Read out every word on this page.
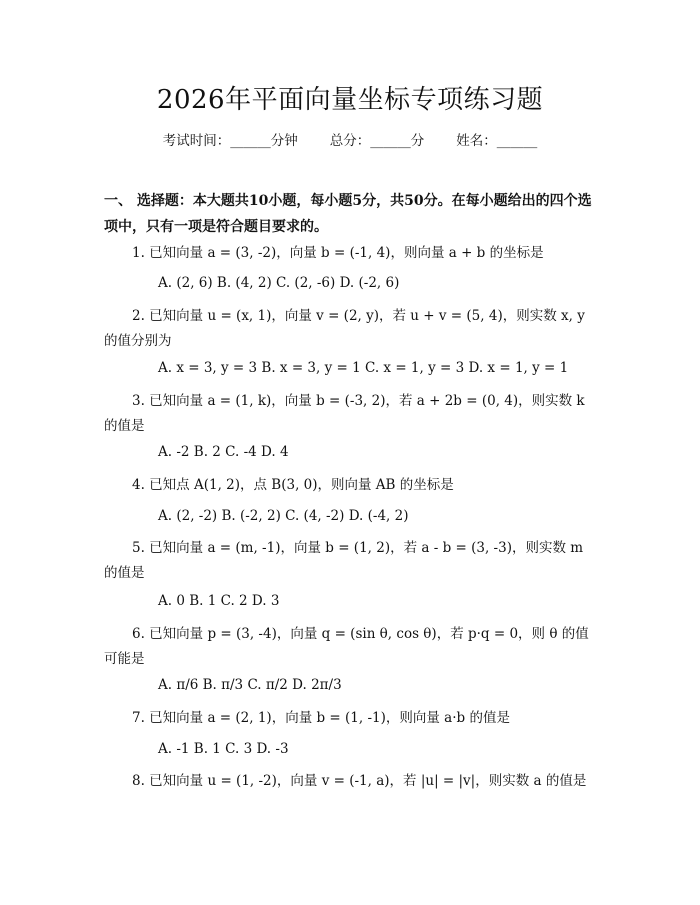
2026年平面向量坐标专项练习题
考试时间：______分钟 总分：______分 姓名：______
一、 选择题：本大题共10小题，每小题5分，共50分。在每小题给出的四个选项中，只有一项是符合题目要求的。
1. 已知向量 a = (3, -2)，向量 b = (-1, 4)，则向量 a + b 的坐标是
A. (2, 6) B. (4, 2) C. (2, -6) D. (-2, 6)
2. 已知向量 u = (x, 1)，向量 v = (2, y)，若 u + v = (5, 4)，则实数 x, y 的值分别为
A. x = 3, y = 3 B. x = 3, y = 1 C. x = 1, y = 3 D. x = 1, y = 1
3. 已知向量 a = (1, k)，向量 b = (-3, 2)，若 a + 2b = (0, 4)，则实数 k 的值是
A. -2 B. 2 C. -4 D. 4
4. 已知点 A(1, 2)，点 B(3, 0)，则向量 AB 的坐标是
A. (2, -2) B. (-2, 2) C. (4, -2) D. (-4, 2)
5. 已知向量 a = (m, -1)，向量 b = (1, 2)，若 a - b = (3, -3)，则实数 m 的值是
A. 0 B. 1 C. 2 D. 3
6. 已知向量 p = (3, -4)，向量 q = (sin θ, cos θ)，若 p·q = 0，则 θ 的值可能是
A. π/6 B. π/3 C. π/2 D. 2π/3
7. 已知向量 a = (2, 1)，向量 b = (1, -1)，则向量 a·b 的值是
A. -1 B. 1 C. 3 D. -3
8. 已知向量 u = (1, -2)，向量 v = (-1, a)，若 |u| = |v|，则实数 a 的值是
